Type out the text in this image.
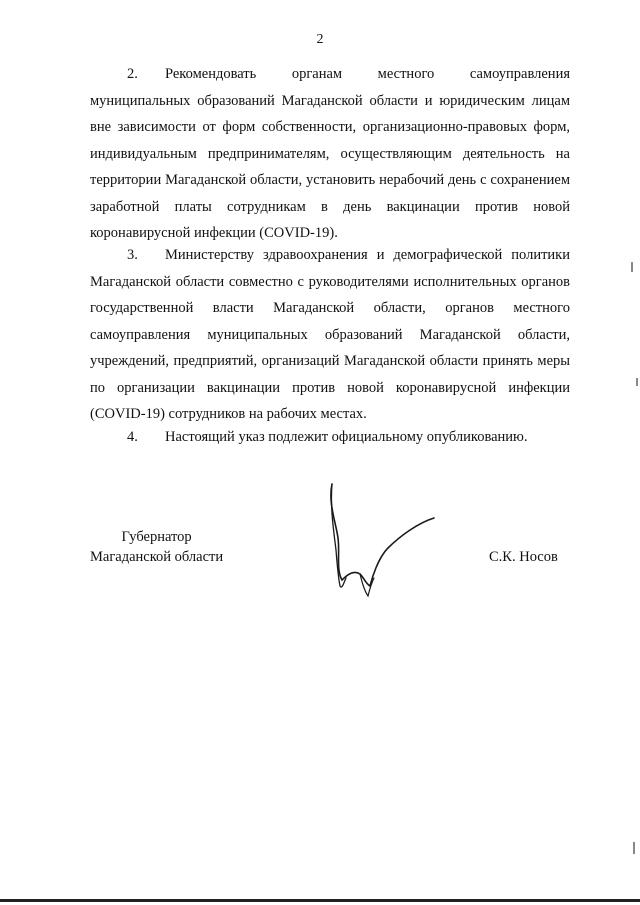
2

2. Рекомендовать органам местного самоуправления муниципальных образований Магаданской области и юридическим лицам вне зависимости от форм собственности, организационно-правовых форм, индивидуальным предпринимателям, осуществляющим деятельность на территории Магаданской области, установить нерабочий день с сохранением заработной платы сотрудникам в день вакцинации против новой коронавирусной инфекции (COVID-19).

3. Министерству здравоохранения и демографической политики Магаданской области совместно с руководителями исполнительных органов государственной власти Магаданской области, органов местного самоуправления муниципальных образований Магаданской области, учреждений, предприятий, организаций Магаданской области принять меры по организации вакцинации против новой коронавирусной инфекции (COVID-19) сотрудников на рабочих местах.

4. Настоящий указ подлежит официальному опубликованию.

Губернатор
Магаданской области	С.К. Носов
